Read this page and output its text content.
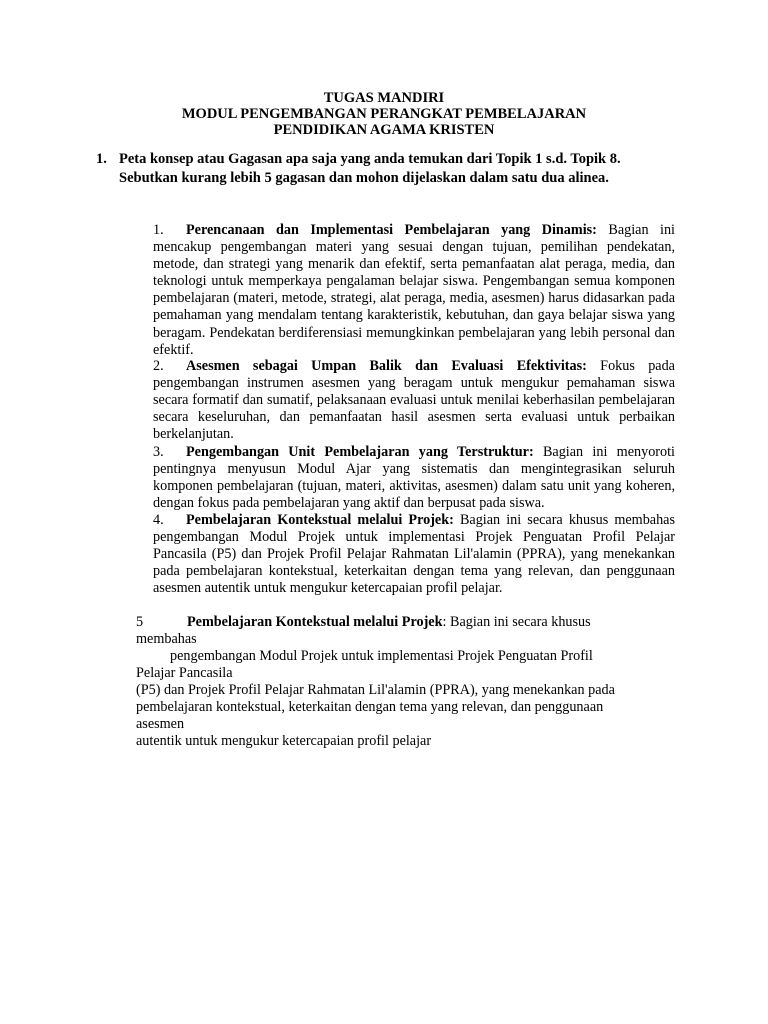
TUGAS MANDIRI
MODUL PENGEMBANGAN PERANGKAT PEMBELAJARAN
PENDIDIKAN AGAMA KRISTEN
1. Peta konsep atau Gagasan apa saja yang anda temukan dari Topik 1 s.d. Topik 8.
Sebutkan kurang lebih 5 gagasan dan mohon dijelaskan dalam satu dua alinea.
1. Perencanaan dan Implementasi Pembelajaran yang Dinamis: Bagian ini mencakup pengembangan materi yang sesuai dengan tujuan, pemilihan pendekatan, metode, dan strategi yang menarik dan efektif, serta pemanfaatan alat peraga, media, dan teknologi untuk memperkaya pengalaman belajar siswa. Pengembangan semua komponen pembelajaran (materi, metode, strategi, alat peraga, media, asesmen) harus didasarkan pada pemahaman yang mendalam tentang karakteristik, kebutuhan, dan gaya belajar siswa yang beragam. Pendekatan berdiferensiasi memungkinkan pembelajaran yang lebih personal dan efektif.
2. Asesmen sebagai Umpan Balik dan Evaluasi Efektivitas: Fokus pada pengembangan instrumen asesmen yang beragam untuk mengukur pemahaman siswa secara formatif dan sumatif, pelaksanaan evaluasi untuk menilai keberhasilan pembelajaran secara keseluruhan, dan pemanfaatan hasil asesmen serta evaluasi untuk perbaikan berkelanjutan.
3. Pengembangan Unit Pembelajaran yang Terstruktur: Bagian ini menyoroti pentingnya menyusun Modul Ajar yang sistematis dan mengintegrasikan seluruh komponen pembelajaran (tujuan, materi, aktivitas, asesmen) dalam satu unit yang koheren, dengan fokus pada pembelajaran yang aktif dan berpusat pada siswa.
4. Pembelajaran Kontekstual melalui Projek: Bagian ini secara khusus membahas pengembangan Modul Projek untuk implementasi Projek Penguatan Profil Pelajar Pancasila (P5) dan Projek Profil Pelajar Rahmatan Lil'alamin (PPRA), yang menekankan pada pembelajaran kontekstual, keterkaitan dengan tema yang relevan, dan penggunaan asesmen autentik untuk mengukur ketercapaian profil pelajar.
5	Pembelajaran Kontekstual melalui Projek: Bagian ini secara khusus
membahas
pengembangan Modul Projek untuk implementasi Projek Penguatan Profil
Pelajar Pancasila
(P5) dan Projek Profil Pelajar Rahmatan Lil'alamin (PPRA), yang menekankan pada
pembelajaran kontekstual, keterkaitan dengan tema yang relevan, dan penggunaan
asesmen
autentik untuk mengukur ketercapaian profil pelajar
